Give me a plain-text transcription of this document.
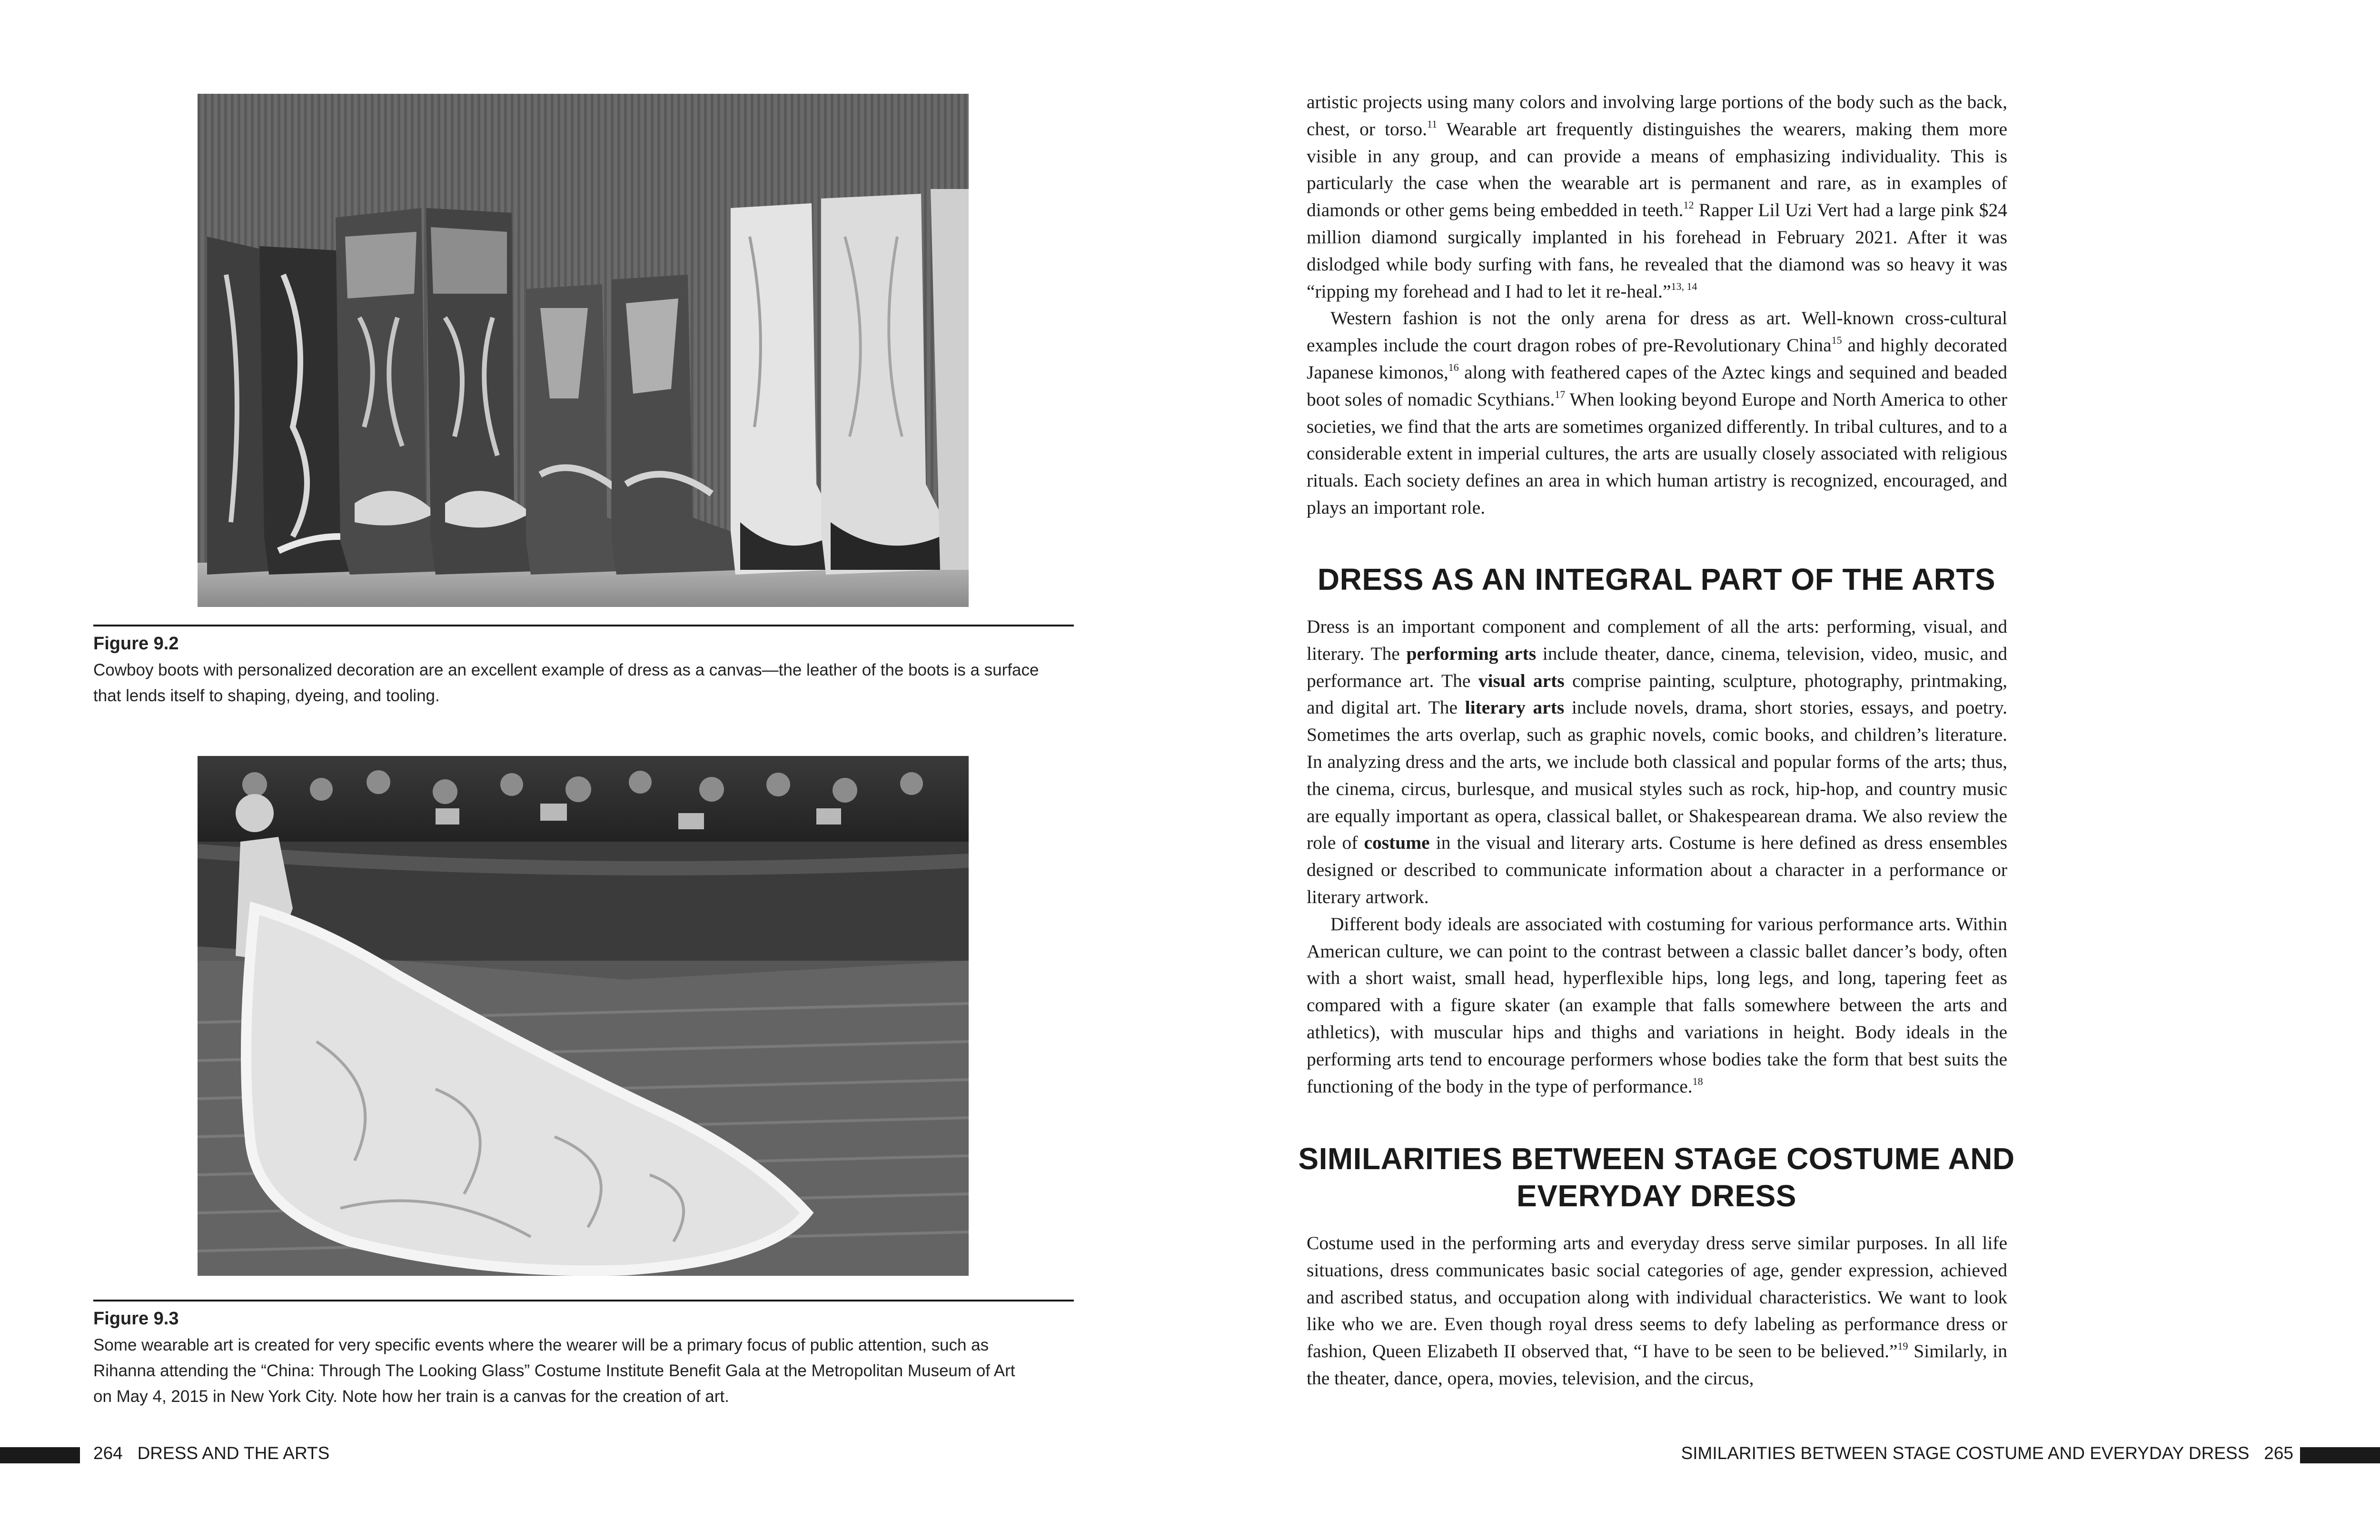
Figure 9.2
Cowboy boots with personalized decoration are an excellent example of dress as a canvas—the leather of the boots is a surface
that lends itself to shaping, dyeing, and tooling.
Figure 9.3
Some wearable art is created for very specific events where the wearer will be a primary focus of public attention, such as
Rihanna attending the “China: Through The Looking Glass” Costume Institute Benefit Gala at the Metropolitan Museum of Art
on May 4, 2015 in New York City. Note how her train is a canvas for the creation of art.
264 DRESS AND THE ARTS

artistic projects using many colors and involving large portions of the body such as the back, chest, or torso.$^{11}$ Wearable art frequently distinguishes the wearers, making them more visible in any group, and can provide a means of emphasizing individuality. This is particularly the case when the wearable art is permanent and rare, as in examples of diamonds or other gems being embedded in teeth.$^{12}$ Rapper Lil Uzi Vert had a large pink $24 million diamond surgically implanted in his forehead in February 2021. After it was dislodged while body surfing with fans, he revealed that the diamond was so heavy it was “ripping my forehead and I had to let it re-heal.”$^{13, 14}$

Western fashion is not the only arena for dress as art. Well-known cross-cultural examples include the court dragon robes of pre-Revolutionary China$^{15}$ and highly decorated Japanese kimonos,$^{16}$ along with feathered capes of the Aztec kings and sequined and beaded boot soles of nomadic Scythians.$^{17}$ When looking beyond Europe and North America to other societies, we find that the arts are sometimes organized differently. In tribal cultures, and to a considerable extent in imperial cultures, the arts are usually closely associated with religious rituals. Each society defines an area in which human artistry is recognized, encouraged, and plays an important role.

DRESS AS AN INTEGRAL PART OF THE ARTS

Dress is an important component and complement of all the arts: performing, visual, and literary. The performing arts include theater, dance, cinema, television, video, music, and performance art. The visual arts comprise painting, sculpture, photography, printmaking, and digital art. The literary arts include novels, drama, short stories, essays, and poetry. Sometimes the arts overlap, such as graphic novels, comic books, and children’s literature. In analyzing dress and the arts, we include both classical and popular forms of the arts; thus, the cinema, circus, burlesque, and musical styles such as rock, hip-hop, and country music are equally important as opera, classical ballet, or Shakespearean drama. We also review the role of costume in the visual and literary arts. Costume is here defined as dress ensembles designed or described to communicate information about a character in a performance or literary artwork.

Different body ideals are associated with costuming for various performance arts. Within American culture, we can point to the contrast between a classic ballet dancer’s body, often with a short waist, small head, hyperflexible hips, long legs, and long, tapering feet as compared with a figure skater (an example that falls somewhere between the arts and athletics), with muscular hips and thighs and variations in height. Body ideals in the performing arts tend to encourage performers whose bodies take the form that best suits the functioning of the body in the type of performance.$^{18}$

SIMILARITIES BETWEEN STAGE COSTUME AND
EVERYDAY DRESS

Costume used in the performing arts and everyday dress serve similar purposes. In all life situations, dress communicates basic social categories of age, gender expression, achieved and ascribed status, and occupation along with individual characteristics. We want to look like who we are. Even though royal dress seems to defy labeling as performance dress or fashion, Queen Elizabeth II observed that, “I have to be seen to be believed.”$^{19}$ Similarly, in the theater, dance, opera, movies, television, and the circus,

SIMILARITIES BETWEEN STAGE COSTUME AND EVERYDAY DRESS 265
